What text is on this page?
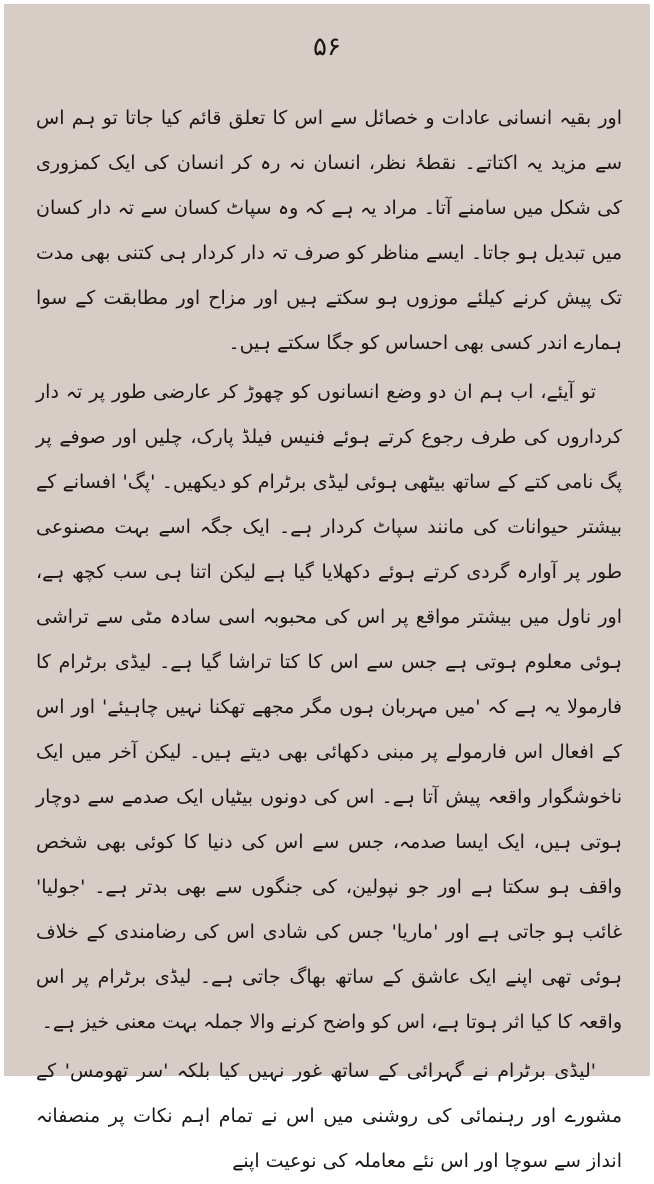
۵۶

اور بقیہ انسانی عادات و خصائل سے اس کا تعلق قائم کیا جاتا تو ہم اس سے مزید یہ اکتاتے۔ نقطۂ نظر، انسان نہ رہ کر انسان کی ایک کمزوری کی شکل میں سامنے آتا۔ مراد یہ ہے کہ وہ سپاٹ کسان سے تہ دار کسان میں تبدیل ہو جاتا۔ ایسے مناظر کو صرف تہ دار کردار ہی کتنی بھی مدت تک پیش کرنے کیلئے موزوں ہو سکتے ہیں اور مزاح اور مطابقت کے سوا ہمارے اندر کسی بھی احساس کو جگا سکتے ہیں۔

تو آیئے، اب ہم ان دو وضع انسانوں کو چھوڑ کر عارضی طور پر تہ دار کرداروں کی طرف رجوع کرتے ہوئے فنیس فیلڈ پارک، چلیں اور صوفے پر پگ نامی کتے کے ساتھ بیٹھی ہوئی لیڈی برٹرام کو دیکھیں۔ 'پگ' افسانے کے بیشتر حیوانات کی مانند سپاٹ کردار ہے۔ ایک جگہ اسے بہت مصنوعی طور پر آوارہ گردی کرتے ہوئے دکھلایا گیا ہے لیکن اتنا ہی سب کچھ ہے، اور ناول میں بیشتر مواقع پر اس کی محبوبہ اسی سادہ مٹی سے تراشی ہوئی معلوم ہوتی ہے جس سے اس کا کتا تراشا گیا ہے۔ لیڈی برٹرام کا فارمولا یہ ہے کہ 'میں مہربان ہوں مگر مجھے تھکنا نہیں چاہیئے' اور اس کے افعال اس فارمولے پر مبنی دکھائی بھی دیتے ہیں۔ لیکن آخر میں ایک ناخوشگوار واقعہ پیش آتا ہے۔ اس کی دونوں بیٹیاں ایک صدمے سے دوچار ہوتی ہیں، ایک ایسا صدمہ، جس سے اس کی دنیا کا کوئی بھی شخص واقف ہو سکتا ہے اور جو نپولین، کی جنگوں سے بھی بدتر ہے۔ 'جولیا' غائب ہو جاتی ہے اور 'ماریا' جس کی شادی اس کی رضامندی کے خلاف ہوئی تھی اپنے ایک عاشق کے ساتھ بھاگ جاتی ہے۔ لیڈی برٹرام پر اس واقعہ کا کیا اثر ہوتا ہے، اس کو واضح کرنے والا جملہ بہت معنی خیز ہے۔

'لیڈی برٹرام نے گہرائی کے ساتھ غور نہیں کیا بلکہ 'سر تھومس' کے مشورے اور رہنمائی کی روشنی میں اس نے تمام اہم نکات پر منصفانہ انداز سے سوچا اور اس نئے معاملہ کی نوعیت اپنے
